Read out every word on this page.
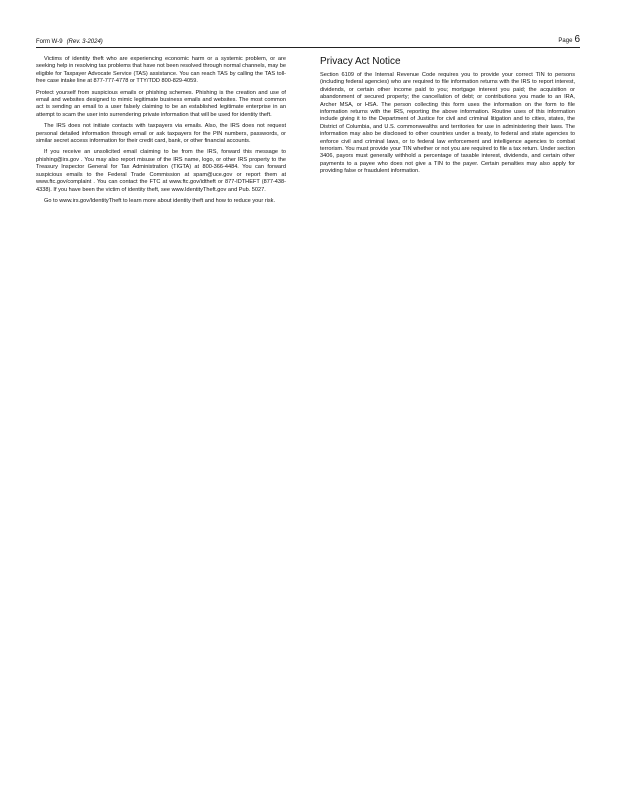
Form W-9 (Rev. 3-2024)	Page 6

Victims of identity theft who are experiencing economic harm or a systemic problem, or are seeking help in resolving tax problems that have not been resolved through normal channels, may be eligible for Taxpayer Advocate Service (TAS) assistance. You can reach TAS by calling the TAS toll-free case intake line at 877-777-4778 or TTY/TDD 800-829-4059.

Protect yourself from suspicious emails or phishing schemes. Phishing is the creation and use of email and websites designed to mimic legitimate business emails and websites. The most common act is sending an email to a user falsely claiming to be an established legitimate enterprise in an attempt to scam the user into surrendering private information that will be used for identity theft.

The IRS does not initiate contacts with taxpayers via emails. Also, the IRS does not request personal detailed information through email or ask taxpayers for the PIN numbers, passwords, or similar secret access information for their credit card, bank, or other financial accounts.

If you receive an unsolicited email claiming to be from the IRS, forward this message to phishing@irs.gov . You may also report misuse of the IRS name, logo, or other IRS property to the Treasury Inspector General for Tax Administration (TIGTA) at 800-366-4484. You can forward suspicious emails to the Federal Trade Commission at spam@uce.gov or report them at www.ftc.gov/complaint . You can contact the FTC at www.ftc.gov/idtheft or 877-IDTHEFT (877-438-4338). If you have been the victim of identity theft, see www.IdentityTheft.gov and Pub. 5027.

Go to www.irs.gov/IdentityTheft to learn more about identity theft and how to reduce your risk.

Privacy Act Notice

Section 6109 of the Internal Revenue Code requires you to provide your correct TIN to persons (including federal agencies) who are required to file information returns with the IRS to report interest, dividends, or certain other income paid to you; mortgage interest you paid; the acquisition or abandonment of secured property; the cancellation of debt; or contributions you made to an IRA, Archer MSA, or HSA. The person collecting this form uses the information on the form to file information returns with the IRS, reporting the above information. Routine uses of this information include giving it to the Department of Justice for civil and criminal litigation and to cities, states, the District of Columbia, and U.S. commonwealths and territories for use in administering their laws. The information may also be disclosed to other countries under a treaty, to federal and state agencies to enforce civil and criminal laws, or to federal law enforcement and intelligence agencies to combat terrorism. You must provide your TIN whether or not you are required to file a tax return. Under section 3406, payors must generally withhold a percentage of taxable interest, dividends, and certain other payments to a payee who does not give a TIN to the payer. Certain penalties may also apply for providing false or fraudulent information.
